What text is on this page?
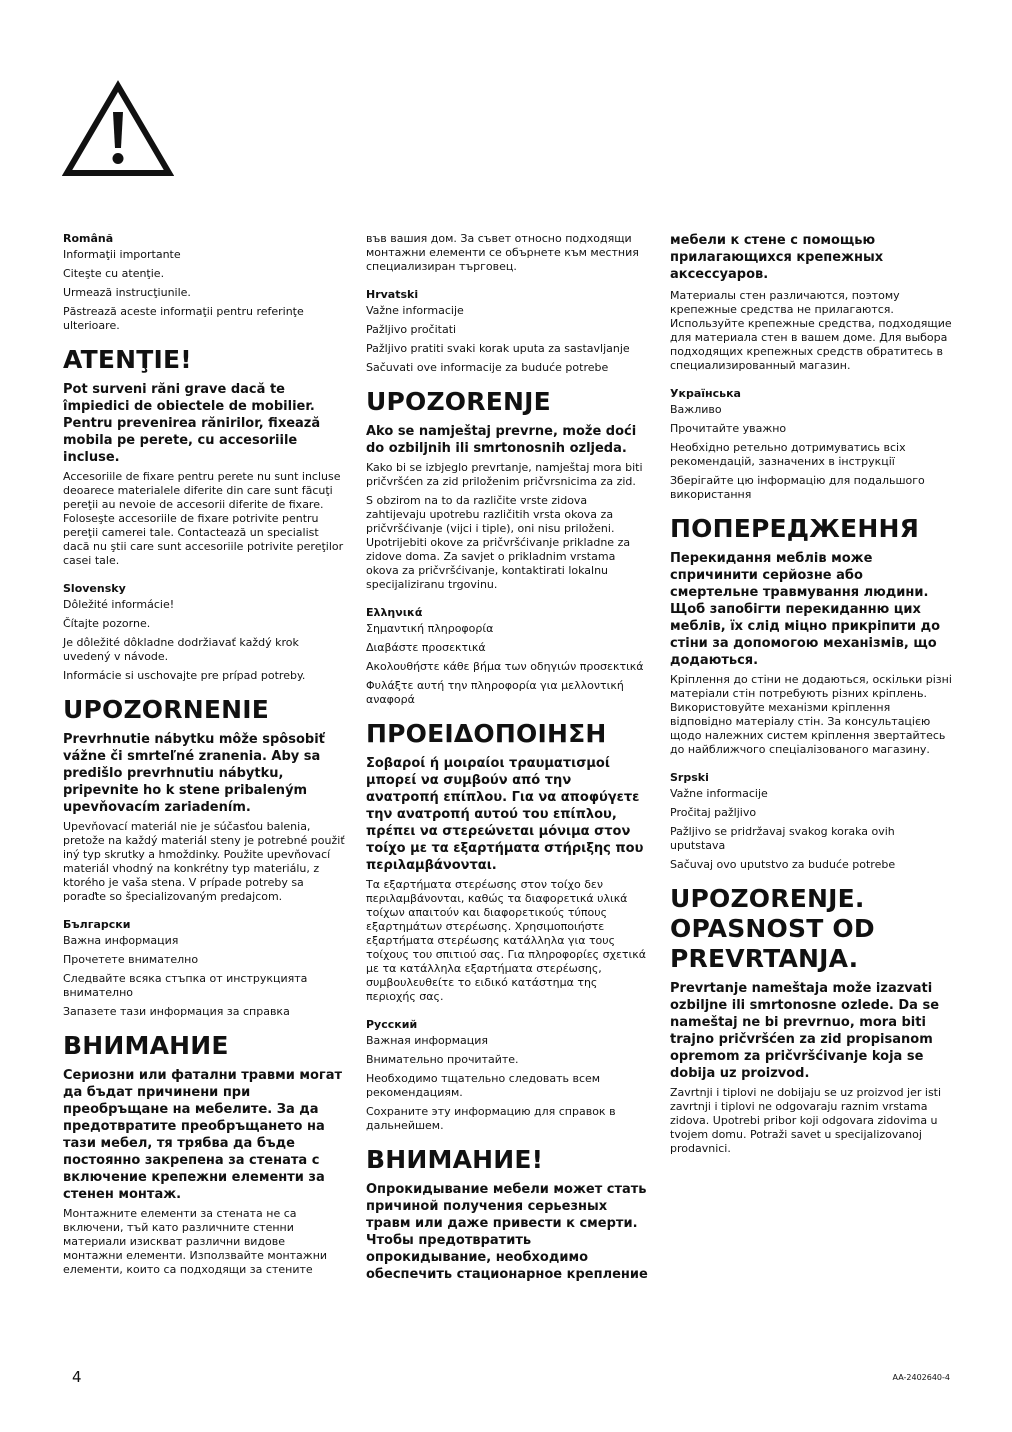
Română
Informaţii importante
Citeşte cu atenţie.
Urmează instrucţiunile.
Păstrează aceste informaţii pentru referinţe ulterioare.
ATENŢIE!
Pot surveni răni grave dacă te împiedici de obiectele de mobilier. Pentru prevenirea rănirilor, fixează mobila pe perete, cu accesoriile incluse.
Accesoriile de fixare pentru perete nu sunt incluse deoarece materialele diferite din care sunt făcuţi pereţii au nevoie de accesorii diferite de fixare. Foloseşte accesoriile de fixare potrivite pentru pereţii camerei tale. Contactează un specialist dacă nu ştii care sunt accesoriile potrivite pereţilor casei tale.
Slovensky
Dôležité informácie!
Čítajte pozorne.
Je dôležité dôkladne dodržiavať každý krok uvedený v návode.
Informácie si uschovajte pre prípad potreby.
UPOZORNENIE
Prevrhnutie nábytku môže spôsobiť vážne či smrteľné zranenia. Aby sa predišlo prevrhnutiu nábytku, pripevnite ho k stene pribaleným upevňovacím zariadením.
Upevňovací materiál nie je súčasťou balenia, pretože na každý materiál steny je potrebné použiť iný typ skrutky a hmoždinky. Použite upevňovací materiál vhodný na konkrétny typ materiálu, z ktorého je vaša stena. V prípade potreby sa poraďte so špecializovaným predajcom.
Български
Важна информация
Прочетете внимателно
Следвайте всяка стъпка от инструкцията внимателно
Запазете тази информация за справка
ВНИМАНИЕ
Сериозни или фатални травми могат да бъдат причинени при преобръщане на мебелите. За да предотвратите преобръщането на тази мебел, тя трябва да бъде постоянно закрепена за стената с включение крепежни елементи за стенен монтаж.
Монтажните елементи за стената не са включени, тъй като различните стенни материали изискват различни видове монтажни елементи. Използвайте монтажни елементи, които са подходящи за стените
във вашия дом. За съвет относно подходящи монтажни елементи се обърнете към местния специализиран търговец.
Hrvatski
Važne informacije
Pažljivo pročitati
Pažljivo pratiti svaki korak uputa za sastavljanje
Sačuvati ove informacije za buduće potrebe
UPOZORENJE
Ako se namještaj prevrne, može doći do ozbiljnih ili smrtonosnih ozljeda.
Kako bi se izbjeglo prevrtanje, namještaj mora biti pričvršćen za zid priloženim pričvrsnicima za zid.
S obzirom na to da različite vrste zidova zahtijevaju upotrebu različitih vrsta okova za pričvršćivanje (vijci i tiple), oni nisu priloženi. Upotrijebiti okove za pričvršćivanje prikladne za zidove doma. Za savjet o prikladnim vrstama okova za pričvršćivanje, kontaktirati lokalnu specijaliziranu trgovinu.
Ελληνικά
Σημαντική πληροφορία
Διαβάστε προσεκτικά
Ακολουθήστε κάθε βήμα των οδηγιών προσεκτικά
Φυλάξτε αυτή την πληροφορία για μελλοντική αναφορά
ΠΡΟΕΙΔΟΠΟΙΗΣΗ
Σοβαροί ή μοιραίοι τραυματισμοί μπορεί να συμβούν από την ανατροπή επίπλου. Για να αποφύγετε την ανατροπή αυτού του επίπλου, πρέπει να στερεώνεται μόνιμα στον τοίχο με τα εξαρτήματα στήριξης που περιλαμβάνονται.
Τα εξαρτήματα στερέωσης στον τοίχο δεν περιλαμβάνονται, καθώς τα διαφορετικά υλικά τοίχων απαιτούν και διαφορετικούς τύπους εξαρτημάτων στερέωσης. Χρησιμοποιήστε εξαρτήματα στερέωσης κατάλληλα για τους τοίχους του σπιτιού σας. Για πληροφορίες σχετικά με τα κατάλληλα εξαρτήματα στερέωσης, συμβουλευθείτε το ειδικό κατάστημα της περιοχής σας.
Русский
Важная информация
Внимательно прочитайте.
Необходимо тщательно следовать всем рекомендациям.
Сохраните эту информацию для справок в дальнейшем.
ВНИМАНИЕ!
Опрокидывание мебели может стать причиной получения серьезных травм или даже привести к смерти. Чтобы предотвратить опрокидывание, необходимо обеспечить стационарное крепление
мебели к стене с помощью прилагающихся крепежных аксессуаров.
Материалы стен различаются, поэтому крепежные средства не прилагаются. Используйте крепежные средства, подходящие для материала стен в вашем доме. Для выбора подходящих крепежных средств обратитесь в специализированный магазин.
Українська
Важливо
Прочитайте уважно
Необхідно ретельно дотримуватись всіх рекомендацій, зазначених в інструкції
Зберігайте цю інформацію для подальшого використання
ПОПЕРЕДЖЕННЯ
Перекидання меблів може спричинити серйозне або смертельне травмування людини. Щоб запобігти перекиданню цих меблів, їх слід міцно прикріпити до стіни за допомогою механізмів, що додаються.
Кріплення до стіни не додаються, оскільки різні матеріали стін потребують різних кріплень. Використовуйте механізми кріплення відповідно матеріалу стін. За консультацією щодо належних систем кріплення звертайтесь до найближчого спеціалізованого магазину.
Srpski
Važne informacije
Pročitaj pažljivo
Pažljivo se pridržavaj svakog koraka ovih uputstava
Sačuvaj ovo uputstvo za buduće potrebe
UPOZORENJE. OPASNOST OD PREVRTANJA.
Prevrtanje nameštaja može izazvati ozbiljne ili smrtonosne ozlede. Da se nameštaj ne bi prevrnuo, mora biti trajno pričvršćen za zid propisanom opremom za pričvršćivanje koja se dobija uz proizvod.
Zavrtnji i tiplovi ne dobijaju se uz proizvod jer isti zavrtnji i tiplovi ne odgovaraju raznim vrstama zidova. Upotrebi pribor koji odgovara zidovima u tvojem domu. Potraži savet u specijalizovanoj prodavnici.
4	AA-2402640-4
